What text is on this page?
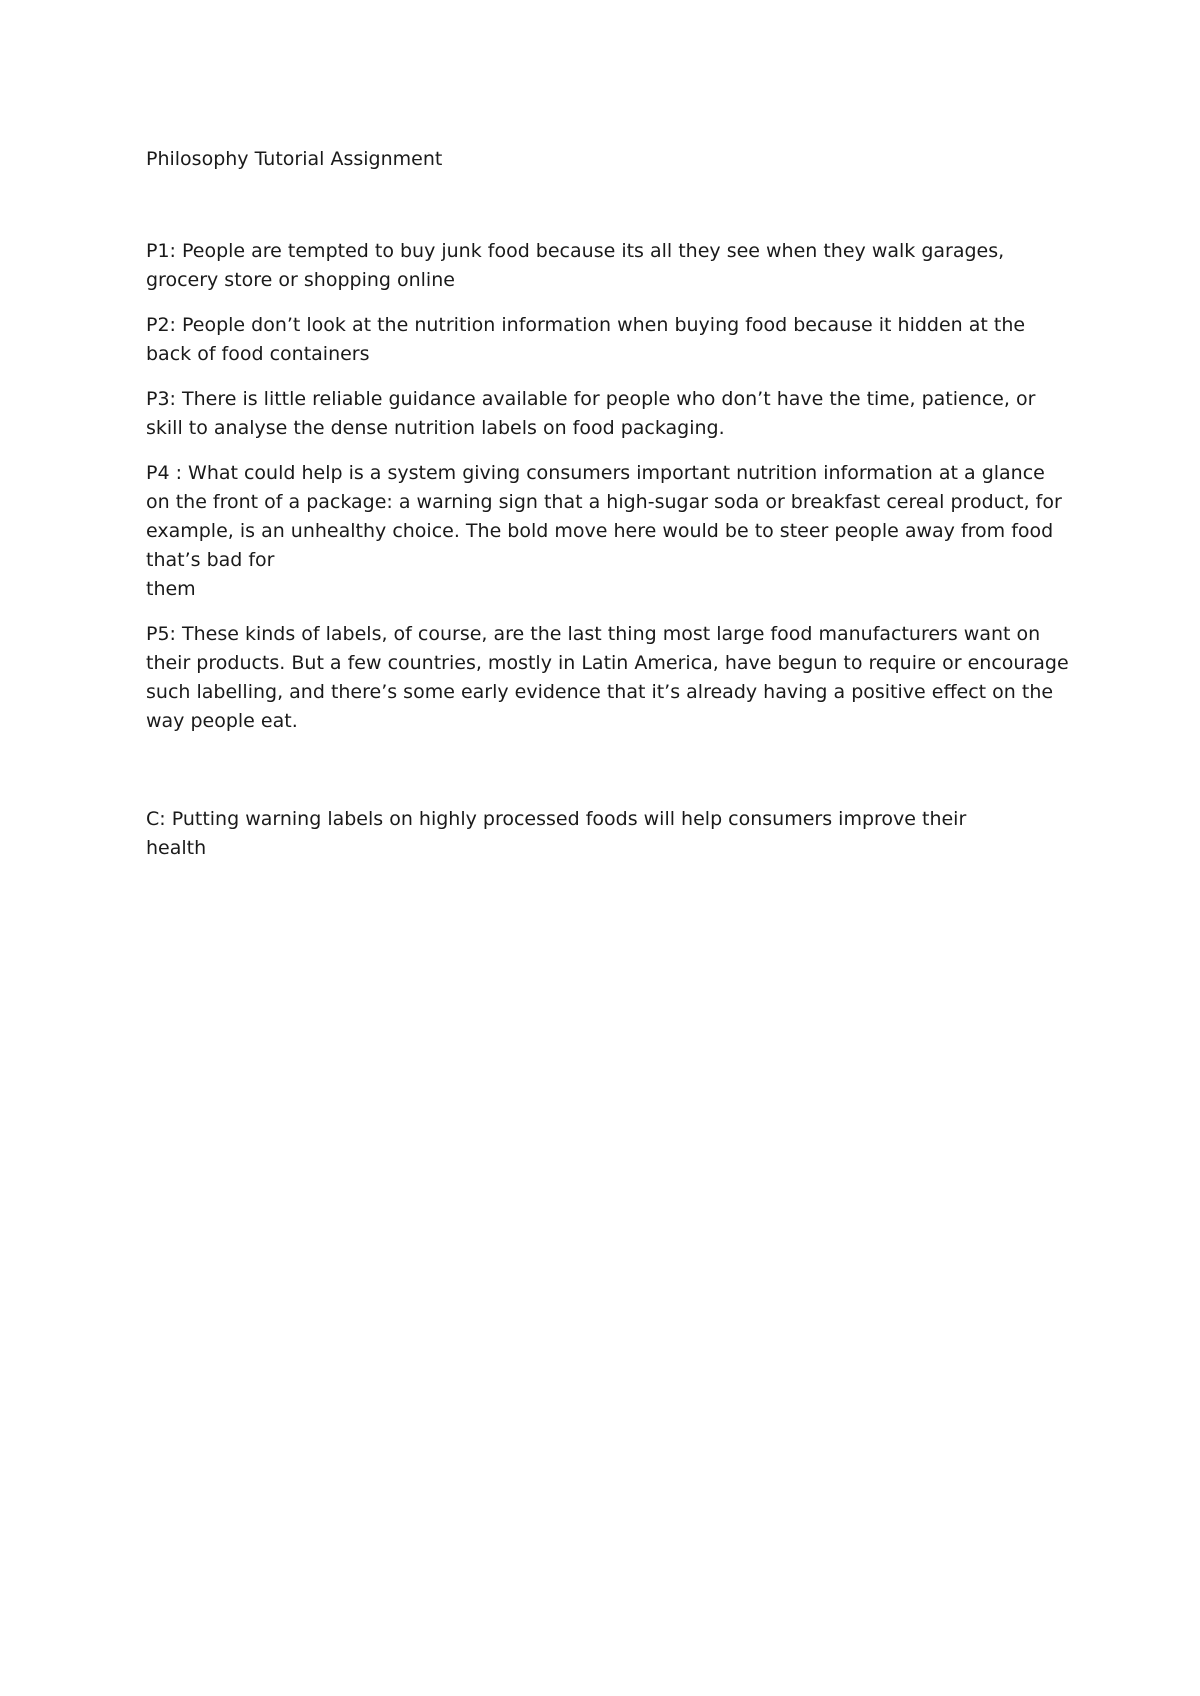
Philosophy Tutorial Assignment

P1: People are tempted to buy junk food because its all they see when they walk garages,
grocery store or shopping online

P2: People don’t look at the nutrition information when buying food because it hidden at the
back of food containers

P3: There is little reliable guidance available for people who don’t have the time, patience, or
skill to analyse the dense nutrition labels on food packaging.

P4 : What could help is a system giving consumers important nutrition information at a glance
on the front of a package: a warning sign that a high-sugar soda or breakfast cereal product, for
example, is an unhealthy choice. The bold move here would be to steer people away from food
that’s bad for
them

P5: These kinds of labels, of course, are the last thing most large food manufacturers want on
their products. But a few countries, mostly in Latin America, have begun to require or encourage
such labelling, and there’s some early evidence that it’s already having a positive effect on the
way people eat.

C: Putting warning labels on highly processed foods will help consumers improve their
health
